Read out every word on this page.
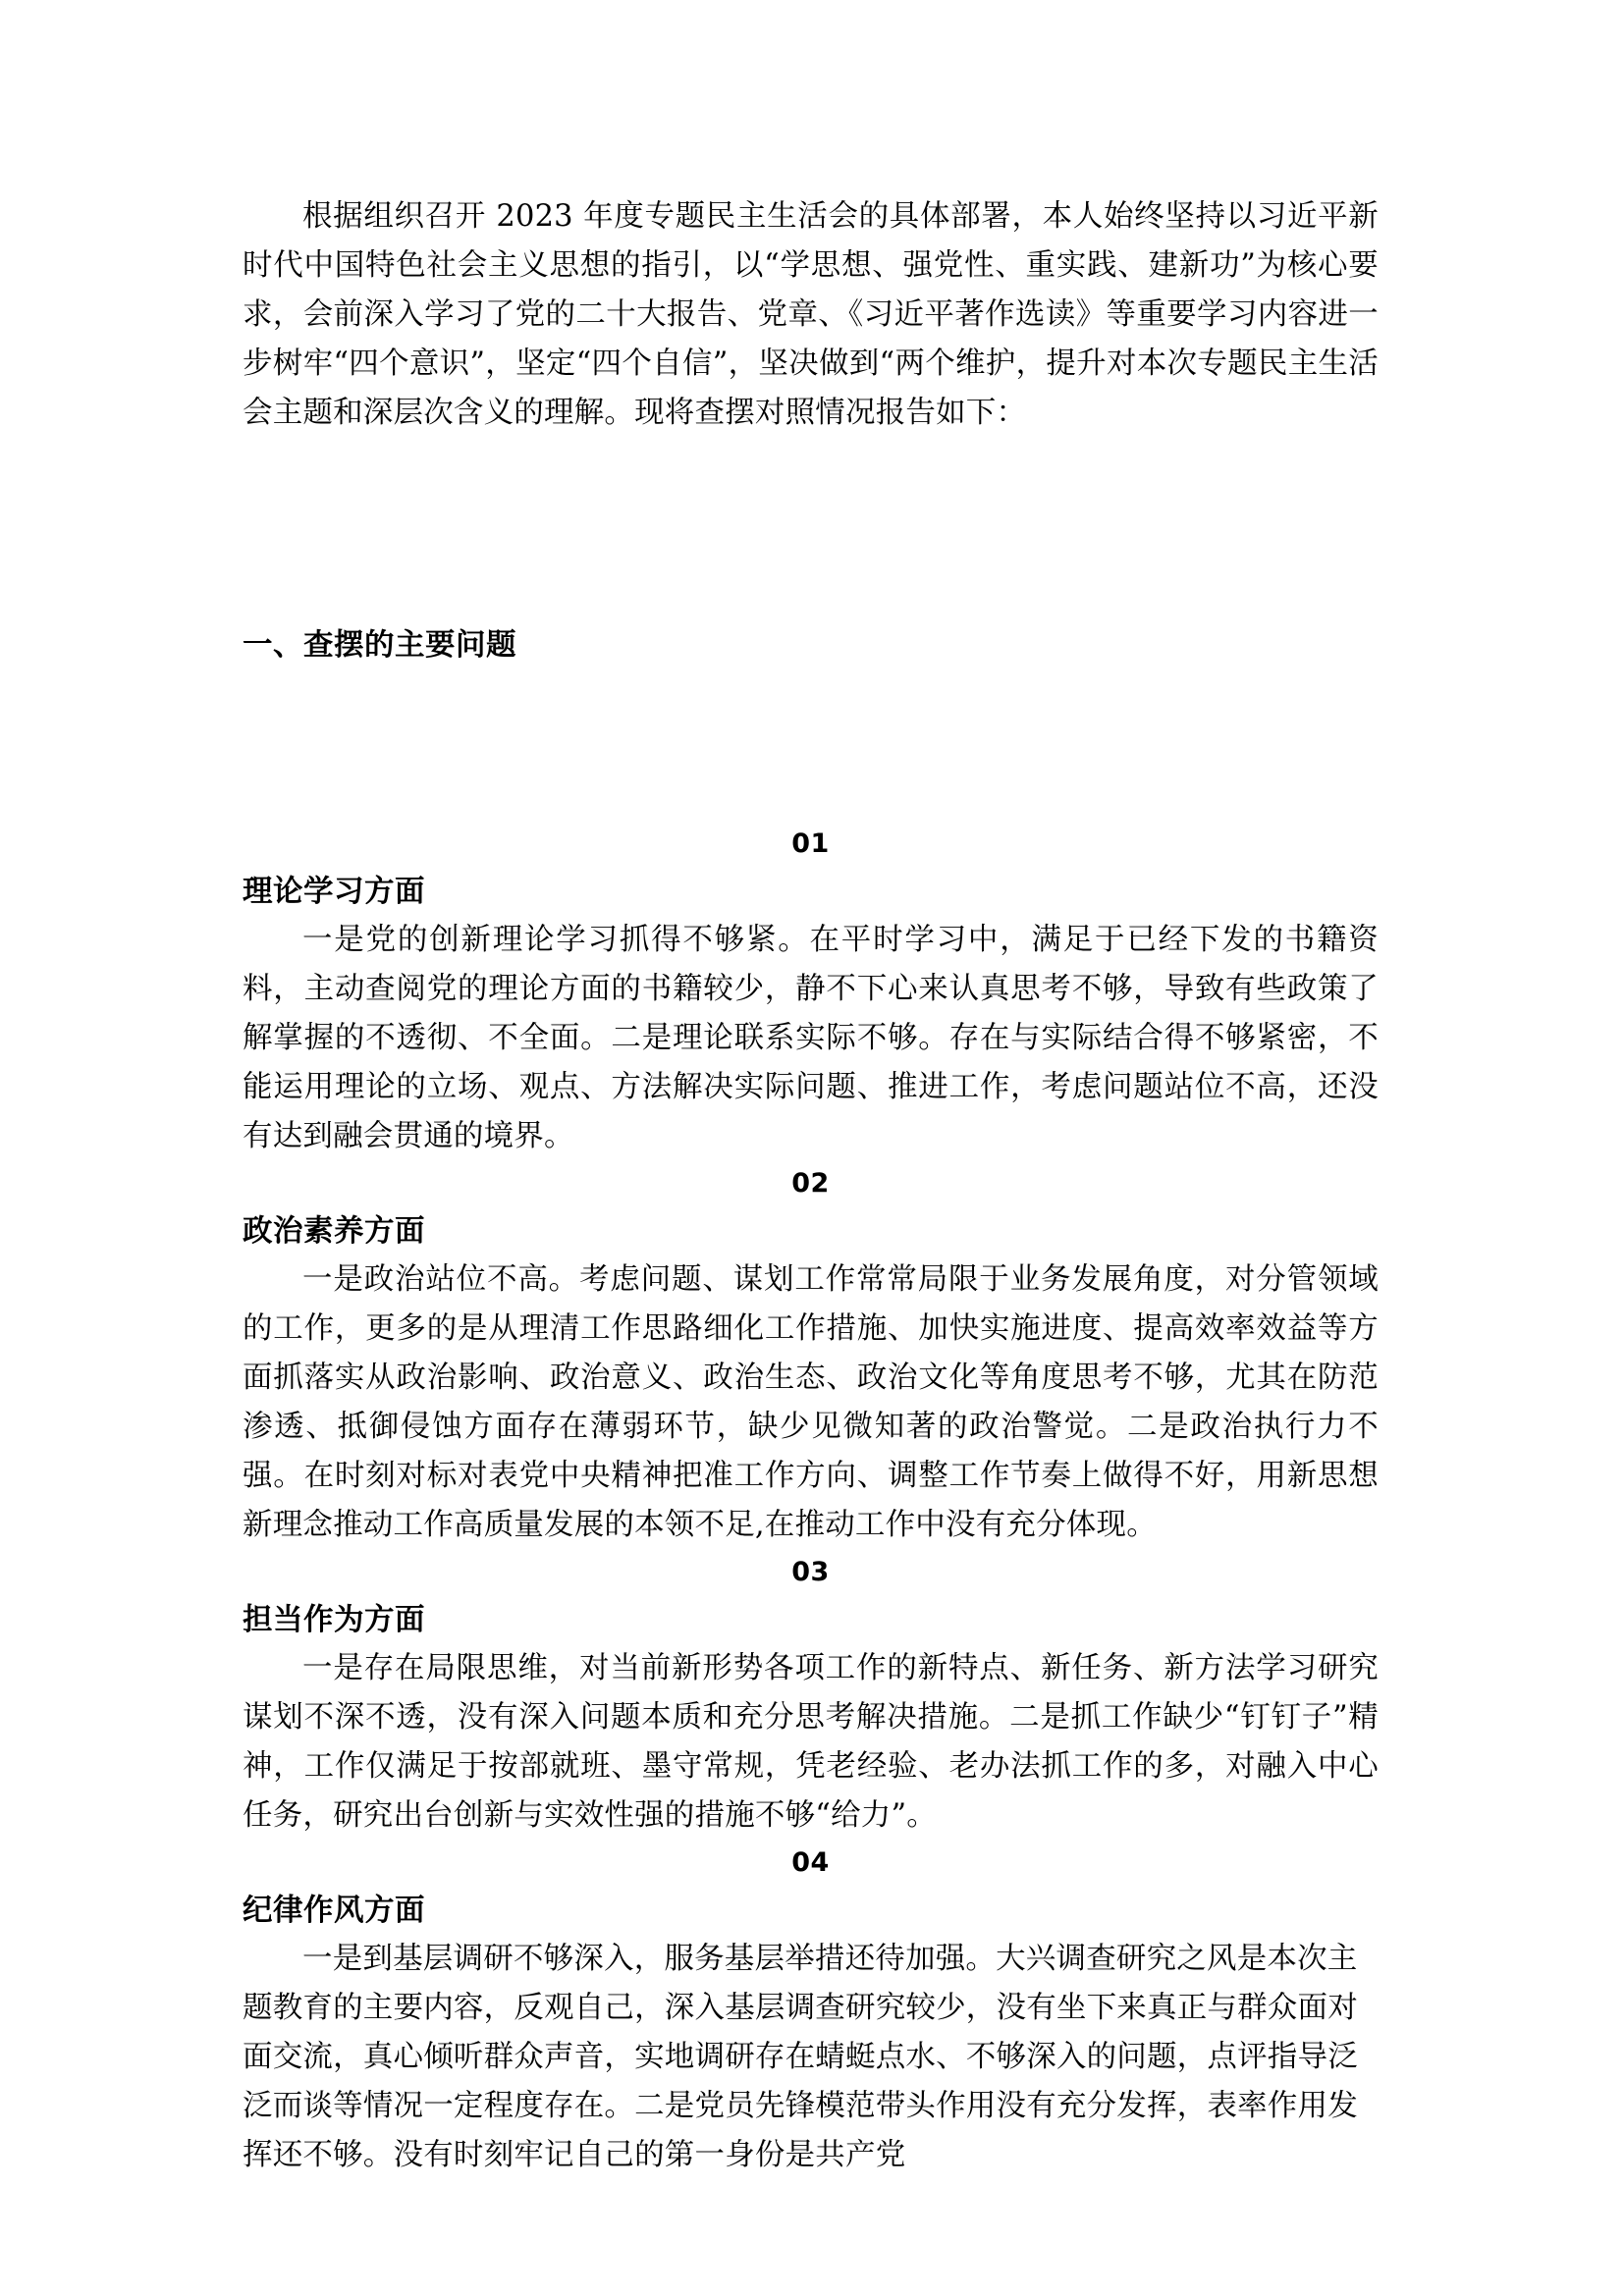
根据组织召开 2023 年度专题民主生活会的具体部署，本人始终坚持以习近平新时代中国特色社会主义思想的指引，以“学思想、强党性、重实践、建新功”为核心要求，会前深入学习了党的二十大报告、党章、《习近平著作选读》等重要学习内容进一步树牢“四个意识”，坚定“四个自信”，坚决做到“两个维护，提升对本次专题民主生活会主题和深层次含义的理解。现将查摆对照情况报告如下：

一、查摆的主要问题

01

理论学习方面

一是党的创新理论学习抓得不够紧。在平时学习中，满足于已经下发的书籍资料，主动查阅党的理论方面的书籍较少，静不下心来认真思考不够，导致有些政策了解掌握的不透彻、不全面。二是理论联系实际不够。存在与实际结合得不够紧密，不能运用理论的立场、观点、方法解决实际问题、推进工作，考虑问题站位不高，还没有达到融会贯通的境界。

02

政治素养方面

一是政治站位不高。考虑问题、谋划工作常常局限于业务发展角度，对分管领域的工作，更多的是从理清工作思路细化工作措施、加快实施进度、提高效率效益等方面抓落实从政治影响、政治意义、政治生态、政治文化等角度思考不够，尤其在防范渗透、抵御侵蚀方面存在薄弱环节，缺少见微知著的政治警觉。二是政治执行力不强。在时刻对标对表党中央精神把准工作方向、调整工作节奏上做得不好，用新思想新理念推动工作高质量发展的本领不足,在推动工作中没有充分体现。

03

担当作为方面

一是存在局限思维，对当前新形势各项工作的新特点、新任务、新方法学习研究谋划不深不透，没有深入问题本质和充分思考解决措施。二是抓工作缺少“钉钉子”精神，工作仅满足于按部就班、墨守常规，凭老经验、老办法抓工作的多，对融入中心任务，研究出台创新与实效性强的措施不够“给力”。

04

纪律作风方面

一是到基层调研不够深入，服务基层举措还待加强。大兴调查研究之风是本次主题教育的主要内容，反观自己，深入基层调查研究较少，没有坐下来真正与群众面对面交流，真心倾听群众声音，实地调研存在蜻蜓点水、不够深入的问题，点评指导泛泛而谈等情况一定程度存在。二是党员先锋模范带头作用没有充分发挥，表率作用发挥还不够。没有时刻牢记自己的第一身份是共产党
